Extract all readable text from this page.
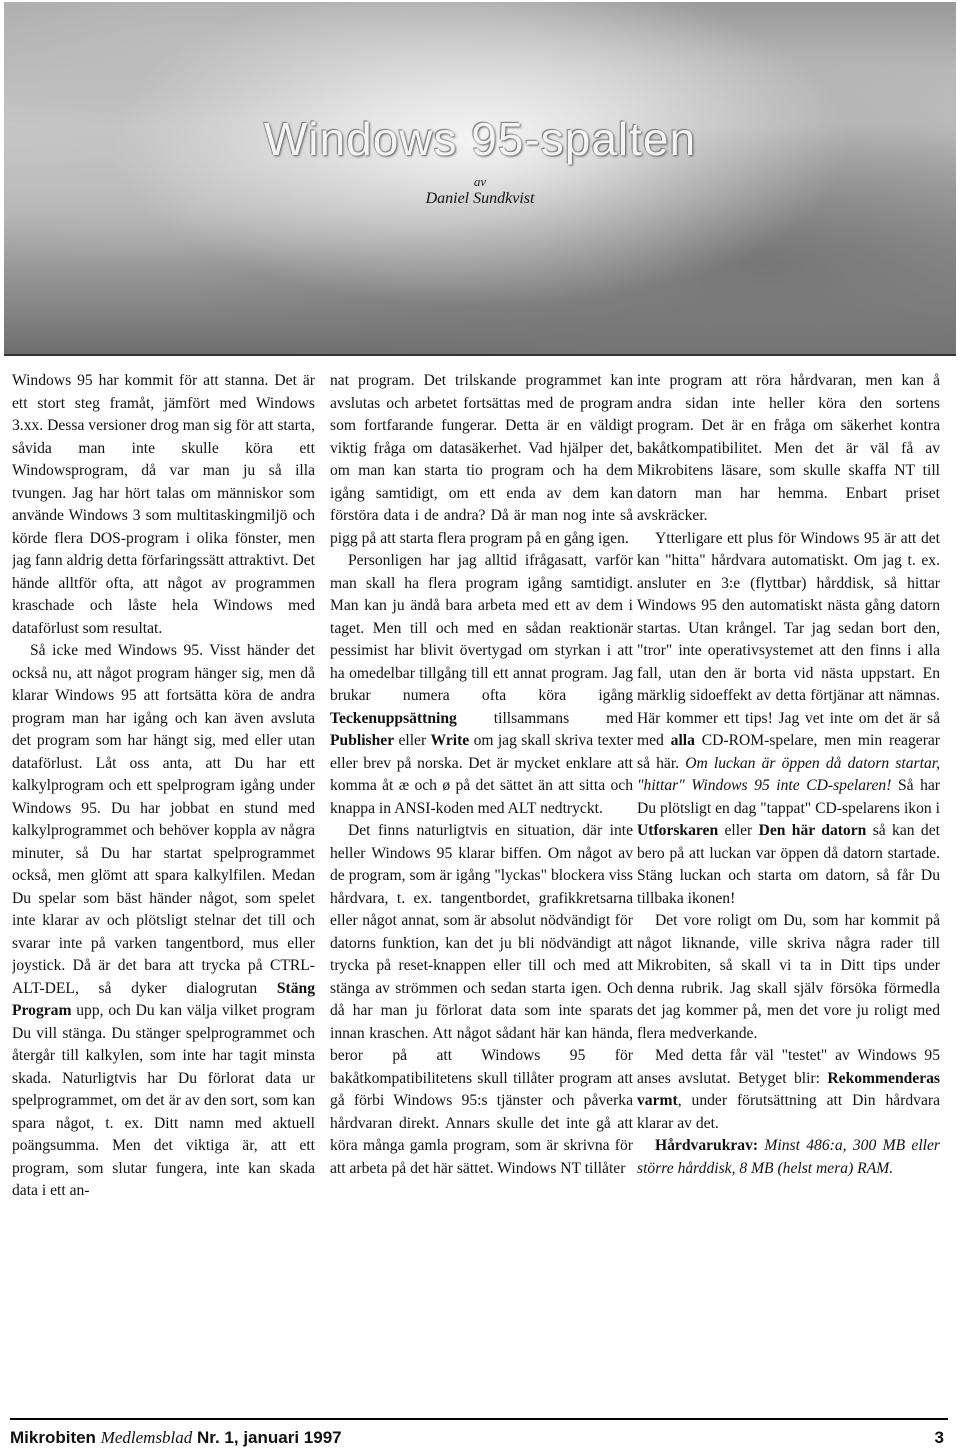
Windows 95-spalten
av
Daniel Sundkvist

Windows 95 har kommit för att stanna. Det är ett stort steg framåt, jämfört med Windows 3.xx. Dessa versioner drog man sig för att starta, såvida man inte skulle köra ett Windowsprogram, då var man ju så illa tvungen. Jag har hört talas om människor som använde Windows 3 som multitaskingmiljö och körde flera DOS-program i olika fönster, men jag fann aldrig detta förfaringssätt attraktivt. Det hände alltför ofta, att något av programmen kraschade och låste hela Windows med dataförlust som resultat.

Så icke med Windows 95. Visst händer det också nu, att något program hänger sig, men då klarar Windows 95 att fortsätta köra de andra program man har igång och kan även avsluta det program som har hängt sig, med eller utan dataförlust. Låt oss anta, att Du har ett kalkylprogram och ett spelprogram igång under Windows 95. Du har jobbat en stund med kalkylprogrammet och behöver koppla av några minuter, så Du har startat spelprogrammet också, men glömt att spara kalkylfilen. Medan Du spelar som bäst händer något, som spelet inte klarar av och plötsligt stelnar det till och svarar inte på varken tangentbord, mus eller joystick. Då är det bara att trycka på CTRL-ALT-DEL, så dyker dialogrutan Stäng Program upp, och Du kan välja vilket program Du vill stänga. Du stänger spelprogrammet och återgår till kalkylen, som inte har tagit minsta skada. Naturligtvis har Du förlorat data ur spelprogrammet, om det är av den sort, som kan spara något, t. ex. Ditt namn med aktuell poängsumma. Men det viktiga är, att ett program, som slutar fungera, inte kan skada data i ett an-

nat program. Det trilskande programmet kan avslutas och arbetet fortsättas med de program som fortfarande fungerar. Detta är en väldigt viktig fråga om datasäkerhet. Vad hjälper det, om man kan starta tio program och ha dem igång samtidigt, om ett enda av dem kan förstöra data i de andra? Då är man nog inte så pigg på att starta flera program på en gång igen.

Personligen har jag alltid ifrågasatt, varför man skall ha flera program igång samtidigt. Man kan ju ändå bara arbeta med ett av dem i taget. Men till och med en sådan reaktionär pessimist har blivit övertygad om styrkan i att ha omedelbar tillgång till ett annat program. Jag brukar numera ofta köra igång Teckenuppsättning tillsammans med Publisher eller Write om jag skall skriva texter eller brev på norska. Det är mycket enklare att komma åt æ och ø på det sättet än att sitta och knappa in ANSI-koden med ALT nedtryckt.

Det finns naturligtvis en situation, där inte heller Windows 95 klarar biffen. Om något av de program, som är igång "lyckas" blockera viss hårdvara, t. ex. tangentbordet, grafikkretsarna eller något annat, som är absolut nödvändigt för datorns funktion, kan det ju bli nödvändigt att trycka på reset-knappen eller till och med att stänga av strömmen och sedan starta igen. Och då har man ju förlorat data som inte sparats innan kraschen. Att något sådant här kan hända, beror på att Windows 95 för bakåtkompatibilitetens skull tillåter program att gå förbi Windows 95:s tjänster och påverka hårdvaran direkt. Annars skulle det inte gå att köra många gamla program, som är skrivna för att arbeta på det här sättet. Windows NT tillåter

inte program att röra hårdvaran, men kan å andra sidan inte heller köra den sortens program. Det är en fråga om säkerhet kontra bakåtkompatibilitet. Men det är väl få av Mikrobitens läsare, som skulle skaffa NT till datorn man har hemma. Enbart priset avskräcker.

Ytterligare ett plus för Windows 95 är att det kan "hitta" hårdvara automatiskt. Om jag t. ex. ansluter en 3:e (flyttbar) hårddisk, så hittar Windows 95 den automatiskt nästa gång datorn startas. Utan krångel. Tar jag sedan bort den, "tror" inte operativsystemet att den finns i alla fall, utan den är borta vid nästa uppstart. En märklig sidoeffekt av detta förtjänar att nämnas. Här kommer ett tips! Jag vet inte om det är så med alla CD-ROM-spelare, men min reagerar så här. Om luckan är öppen då datorn startar, "hittar" Windows 95 inte CD-spelaren! Så har Du plötsligt en dag "tappat" CD-spelarens ikon i Utforskaren eller Den här datorn så kan det bero på att luckan var öppen då datorn startade. Stäng luckan och starta om datorn, så får Du tillbaka ikonen!

Det vore roligt om Du, som har kommit på något liknande, ville skriva några rader till Mikrobiten, så skall vi ta in Ditt tips under denna rubrik. Jag skall själv försöka förmedla det jag kommer på, men det vore ju roligt med flera medverkande.

Med detta får väl "testet" av Windows 95 anses avslutat. Betyget blir: Rekommenderas varmt, under förutsättning att Din hårdvara klarar av det.

Hårdvarukrav: Minst 486:a, 300 MB eller större hårddisk, 8 MB (helst mera) RAM.

Mikrobiten Medlemsblad Nr. 1, januari 1997	3
